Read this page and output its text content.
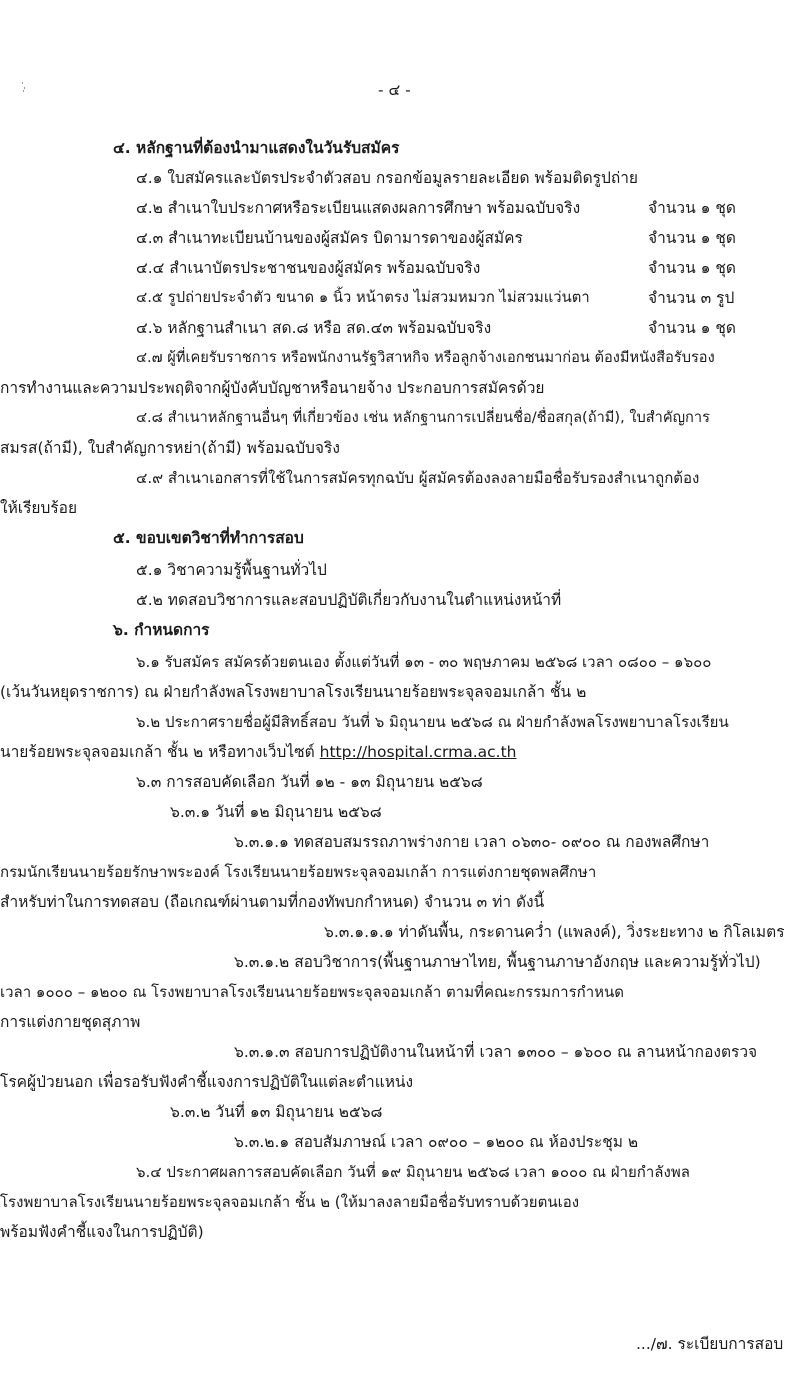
- ๔ -
๔. หลักฐานที่ต้องนำมาแสดงในวันรับสมัคร
๔.๑ ใบสมัครและบัตรประจำตัวสอบ กรอกข้อมูลรายละเอียด พร้อมติดรูปถ่าย
๔.๒ สำเนาใบประกาศหรือระเบียนแสดงผลการศึกษา พร้อมฉบับจริง	จำนวน ๑ ชุด
๔.๓ สำเนาทะเบียนบ้านของผู้สมัคร บิดามารดาของผู้สมัคร	จำนวน ๑ ชุด
๔.๔ สำเนาบัตรประชาชนของผู้สมัคร พร้อมฉบับจริง	จำนวน ๑ ชุด
๔.๕ รูปถ่ายประจำตัว ขนาด ๑ นิ้ว หน้าตรง ไม่สวมหมวก ไม่สวมแว่นตา	จำนวน ๓ รูป
๔.๖ หลักฐานสำเนา สด.๘ หรือ สด.๔๓ พร้อมฉบับจริง	จำนวน ๑ ชุด
๔.๗ ผู้ที่เคยรับราชการ หรือพนักงานรัฐวิสาหกิจ หรือลูกจ้างเอกชนมาก่อน ต้องมีหนังสือรับรอง
การทำงานและความประพฤติจากผู้บังคับบัญชาหรือนายจ้าง ประกอบการสมัครด้วย
๔.๘ สำเนาหลักฐานอื่นๆ ที่เกี่ยวข้อง เช่น หลักฐานการเปลี่ยนชื่อ/ชื่อสกุล(ถ้ามี), ใบสำคัญการ
สมรส(ถ้ามี), ใบสำคัญการหย่า(ถ้ามี) พร้อมฉบับจริง
๔.๙ สำเนาเอกสารที่ใช้ในการสมัครทุกฉบับ ผู้สมัครต้องลงลายมือชื่อรับรองสำเนาถูกต้อง
ให้เรียบร้อย
๕. ขอบเขตวิชาที่ทำการสอบ
๕.๑ วิชาความรู้พื้นฐานทั่วไป
๕.๒ ทดสอบวิชาการและสอบปฏิบัติเกี่ยวกับงานในตำแหน่งหน้าที่
๖. กำหนดการ
๖.๑ รับสมัคร สมัครด้วยตนเอง ตั้งแต่วันที่ ๑๓ - ๓๐ พฤษภาคม ๒๕๖๘ เวลา ๐๘๐๐ – ๑๖๐๐
(เว้นวันหยุดราชการ) ณ ฝ่ายกำลังพลโรงพยาบาลโรงเรียนนายร้อยพระจุลจอมเกล้า ชั้น ๒
๖.๒ ประกาศรายชื่อผู้มีสิทธิ์สอบ วันที่ ๖ มิถุนายน ๒๕๖๘ ณ ฝ่ายกำลังพลโรงพยาบาลโรงเรียน
นายร้อยพระจุลจอมเกล้า ชั้น ๒ หรือทางเว็บไซต์ http://hospital.crma.ac.th
๖.๓ การสอบคัดเลือก วันที่ ๑๒ - ๑๓ มิถุนายน ๒๕๖๘
๖.๓.๑ วันที่ ๑๒ มิถุนายน ๒๕๖๘
๖.๓.๑.๑ ทดสอบสมรรถภาพร่างกาย เวลา ๐๖๓๐- ๐๙๐๐ ณ กองพลศึกษา
กรมนักเรียนนายร้อยรักษาพระองค์ โรงเรียนนายร้อยพระจุลจอมเกล้า การแต่งกายชุดพลศึกษา
สำหรับท่าในการทดสอบ (ถือเกณฑ์ผ่านตามที่กองทัพบกกำหนด) จำนวน ๓ ท่า ดังนี้
๖.๓.๑.๑.๑ ท่าดันพื้น, กระดานคว่ำ (แพลงค์), วิ่งระยะทาง ๒ กิโลเมตร
๖.๓.๑.๒ สอบวิชาการ(พื้นฐานภาษาไทย, พื้นฐานภาษาอังกฤษ และความรู้ทั่วไป)
เวลา ๑๐๐๐ – ๑๒๐๐ ณ โรงพยาบาลโรงเรียนนายร้อยพระจุลจอมเกล้า ตามที่คณะกรรมการกำหนด
การแต่งกายชุดสุภาพ
๖.๓.๑.๓ สอบการปฏิบัติงานในหน้าที่ เวลา ๑๓๐๐ – ๑๖๐๐ ณ ลานหน้ากองตรวจ
โรคผู้ป่วยนอก เพื่อรอรับฟังคำชี้แจงการปฏิบัติในแต่ละตำแหน่ง
๖.๓.๒ วันที่ ๑๓ มิถุนายน ๒๕๖๘
๖.๓.๒.๑ สอบสัมภาษณ์ เวลา ๐๙๐๐ – ๑๒๐๐ ณ ห้องประชุม ๒
๖.๔ ประกาศผลการสอบคัดเลือก วันที่ ๑๙ มิถุนายน ๒๕๖๘ เวลา ๑๐๐๐ ณ ฝ่ายกำลังพล
โรงพยาบาลโรงเรียนนายร้อยพระจุลจอมเกล้า ชั้น ๒ (ให้มาลงลายมือชื่อรับทราบด้วยตนเอง
พร้อมฟังคำชี้แจงในการปฏิบัติ)
.../๗. ระเบียบการสอบ
